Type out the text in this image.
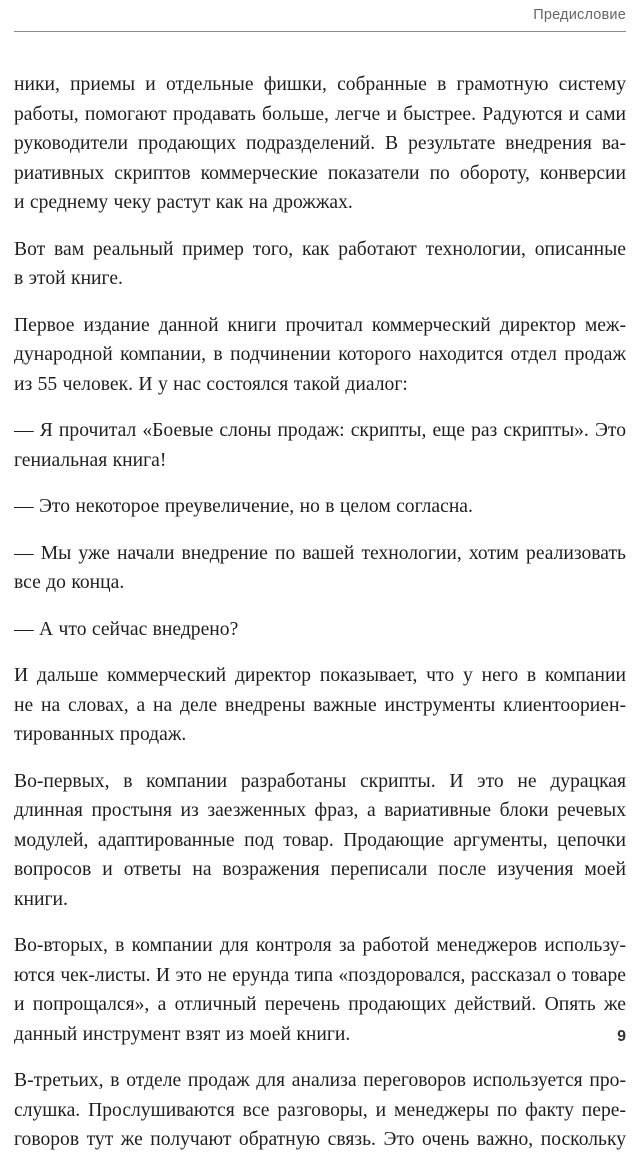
Предисловие

ники, приемы и отдельные фишки, собранные в грамотную систему
работы, помогают продавать больше, легче и быстрее. Радуются и сами
руководители продающих подразделений. В результате внедрения ва-
риативных скриптов коммерческие показатели по обороту, конверсии
и среднему чеку растут как на дрожжах.

Вот вам реальный пример того, как работают технологии, описанные
в этой книге.

Первое издание данной книги прочитал коммерческий директор меж-
дународной компании, в подчинении которого находится отдел продаж
из 55 человек. И у нас состоялся такой диалог:

— Я прочитал «Боевые слоны продаж: скрипты, еще раз скрипты». Это
гениальная книга!

— Это некоторое преувеличение, но в целом согласна.

— Мы уже начали внедрение по вашей технологии, хотим реализовать
все до конца.

— А что сейчас внедрено?

И дальше коммерческий директор показывает, что у него в компании
не на словах, а на деле внедрены важные инструменты клиентоориен-
тированных продаж.

Во-первых, в компании разработаны скрипты. И это не дурацкая
длинная простыня из заезженных фраз, а вариативные блоки речевых
модулей, адаптированные под товар. Продающие аргументы, цепочки
вопросов и ответы на возражения переписали после изучения моей
книги.

Во-вторых, в компании для контроля за работой менеджеров использу-
ются чек-листы. И это не ерунда типа «поздоровался, рассказал о товаре
и попрощался», а отличный перечень продающих действий. Опять же
данный инструмент взят из моей книги.

В-третьих, в отделе продаж для анализа переговоров используется про-
слушка. Прослушиваются все разговоры, и менеджеры по факту пере-
говоров тут же получают обратную связь. Это очень важно, поскольку

9
